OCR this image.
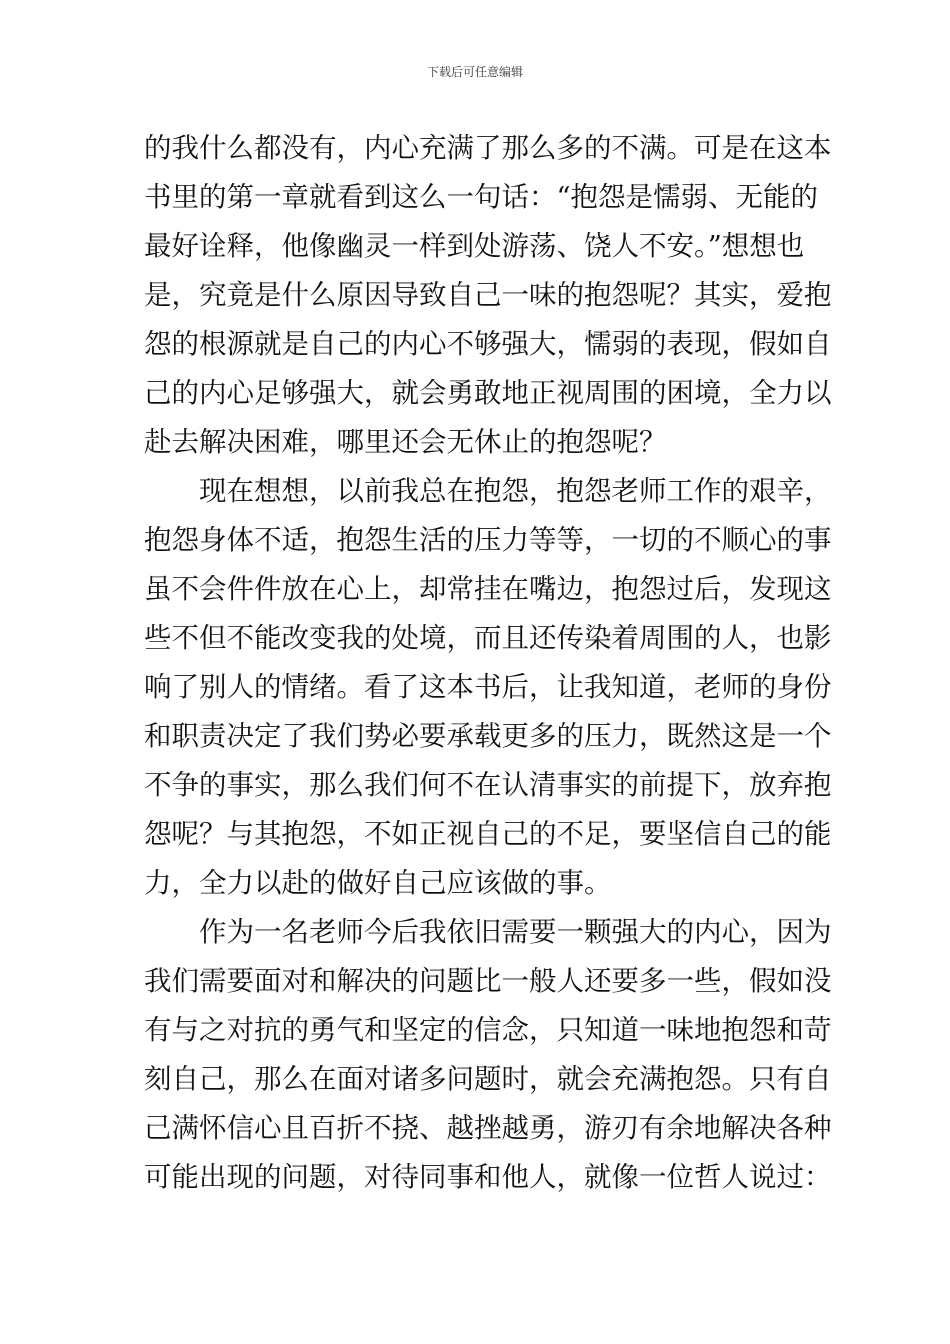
下载后可任意编辑
的我什么都没有，内心充满了那么多的不满。可是在这本
书里的第一章就看到这么一句话：“抱怨是懦弱、无能的
最好诠释，他像幽灵一样到处游荡、饶人不安。”想想也
是，究竟是什么原因导致自己一味的抱怨呢？其实，爱抱
怨的根源就是自己的内心不够强大，懦弱的表现，假如自
己的内心足够强大，就会勇敢地正视周围的困境，全力以
赴去解决困难，哪里还会无休止的抱怨呢？
　　现在想想，以前我总在抱怨，抱怨老师工作的艰辛，
抱怨身体不适，抱怨生活的压力等等，一切的不顺心的事
虽不会件件放在心上，却常挂在嘴边，抱怨过后，发现这
些不但不能改变我的处境，而且还传染着周围的人，也影
响了别人的情绪。看了这本书后，让我知道，老师的身份
和职责决定了我们势必要承载更多的压力，既然这是一个
不争的事实，那么我们何不在认清事实的前提下，放弃抱
怨呢？与其抱怨，不如正视自己的不足，要坚信自己的能
力，全力以赴的做好自己应该做的事。
　　作为一名老师今后我依旧需要一颗强大的内心，因为
我们需要面对和解决的问题比一般人还要多一些，假如没
有与之对抗的勇气和坚定的信念，只知道一味地抱怨和苛
刻自己，那么在面对诸多问题时，就会充满抱怨。只有自
己满怀信心且百折不挠、越挫越勇，游刃有余地解决各种
可能出现的问题，对待同事和他人，就像一位哲人说过：
